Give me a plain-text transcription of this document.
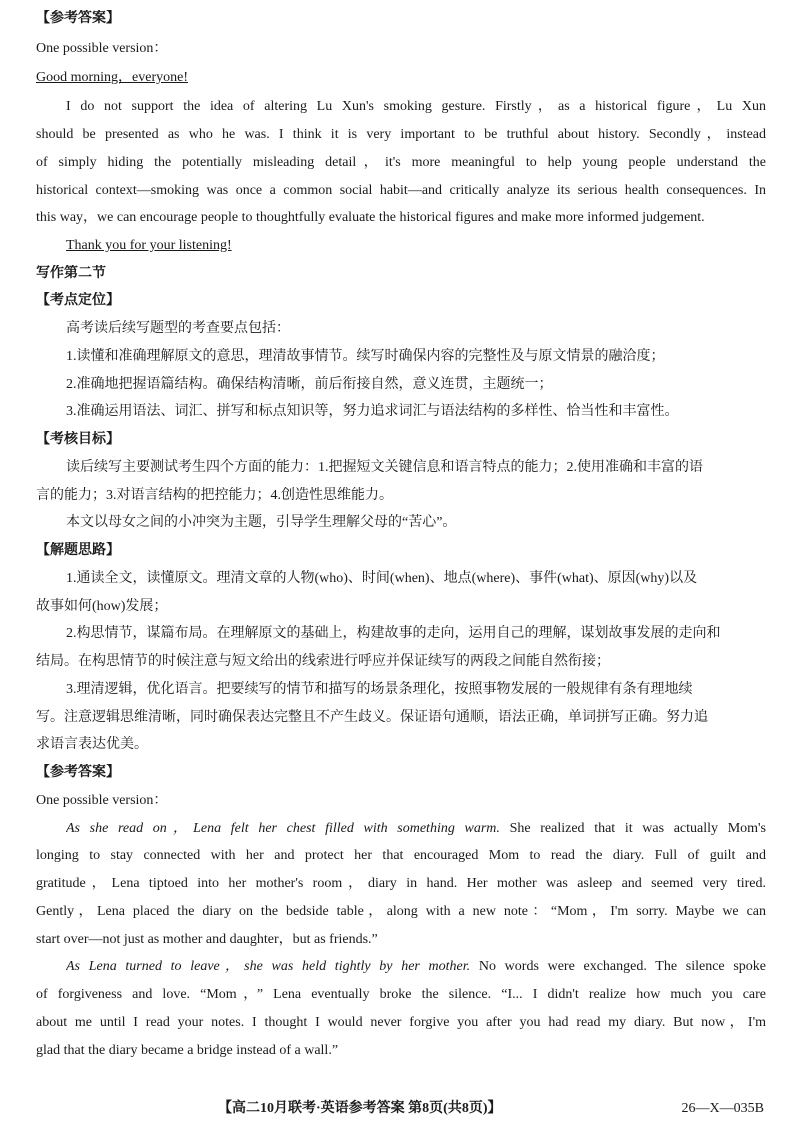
【参考答案】
One possible version：
Good morning，everyone!
I do not support the idea of altering Lu Xun's smoking gesture. Firstly，as a historical figure，Lu Xun
should be presented as who he was. I think it is very important to be truthful about history. Secondly，instead
of simply hiding the potentially misleading detail，it's more meaningful to help young people understand the
historical context—smoking was once a common social habit—and critically analyze its serious health consequences. In
this way，we can encourage people to thoughtfully evaluate the historical figures and make more informed judgement.
Thank you for your listening!
写作第二节
【考点定位】
高考读后续写题型的考查要点包括：
1.读懂和准确理解原文的意思，理清故事情节。续写时确保内容的完整性及与原文情景的融洽度；
2.准确地把握语篇结构。确保结构清晰，前后衔接自然，意义连贯，主题统一；
3.准确运用语法、词汇、拼写和标点知识等，努力追求词汇与语法结构的多样性、恰当性和丰富性。
【考核目标】
读后续写主要测试考生四个方面的能力：1.把握短文关键信息和语言特点的能力；2.使用准确和丰富的语
言的能力；3.对语言结构的把控能力；4.创造性思维能力。
本文以母女之间的小冲突为主题，引导学生理解父母的“苦心”。
【解题思路】
1.通读全文，读懂原文。理清文章的人物(who)、时间(when)、地点(where)、事件(what)、原因(why)以及
故事如何(how)发展；
2.构思情节，谋篇布局。在理解原文的基础上，构建故事的走向，运用自己的理解，谋划故事发展的走向和
结局。在构思情节的时候注意与短文给出的线索进行呼应并保证续写的两段之间能自然衔接；
3.理清逻辑，优化语言。把要续写的情节和描写的场景条理化，按照事物发展的一般规律有条有理地续
写。注意逻辑思维清晰，同时确保表达完整且不产生歧义。保证语句通顺，语法正确，单词拼写正确。努力追
求语言表达优美。
【参考答案】
One possible version：
As she read on，Lena felt her chest filled with something warm. She realized that it was actually Mom's
longing to stay connected with her and protect her that encouraged Mom to read the diary. Full of guilt and
gratitude，Lena tiptoed into her mother's room，diary in hand. Her mother was asleep and seemed very tired.
Gently，Lena placed the diary on the bedside table，along with a new note：“Mom，I'm sorry. Maybe we can
start over—not just as mother and daughter，but as friends.”
As Lena turned to leave，she was held tightly by her mother. No words were exchanged. The silence spoke
of forgiveness and love. “Mom，” Lena eventually broke the silence. “I... I didn't realize how much you care
about me until I read your notes. I thought I would never forgive you after you had read my diary. But now，I'm
glad that the diary became a bridge instead of a wall.”
【高二10月联考·英语参考答案 第8页(共8页)】	26—X—035B
